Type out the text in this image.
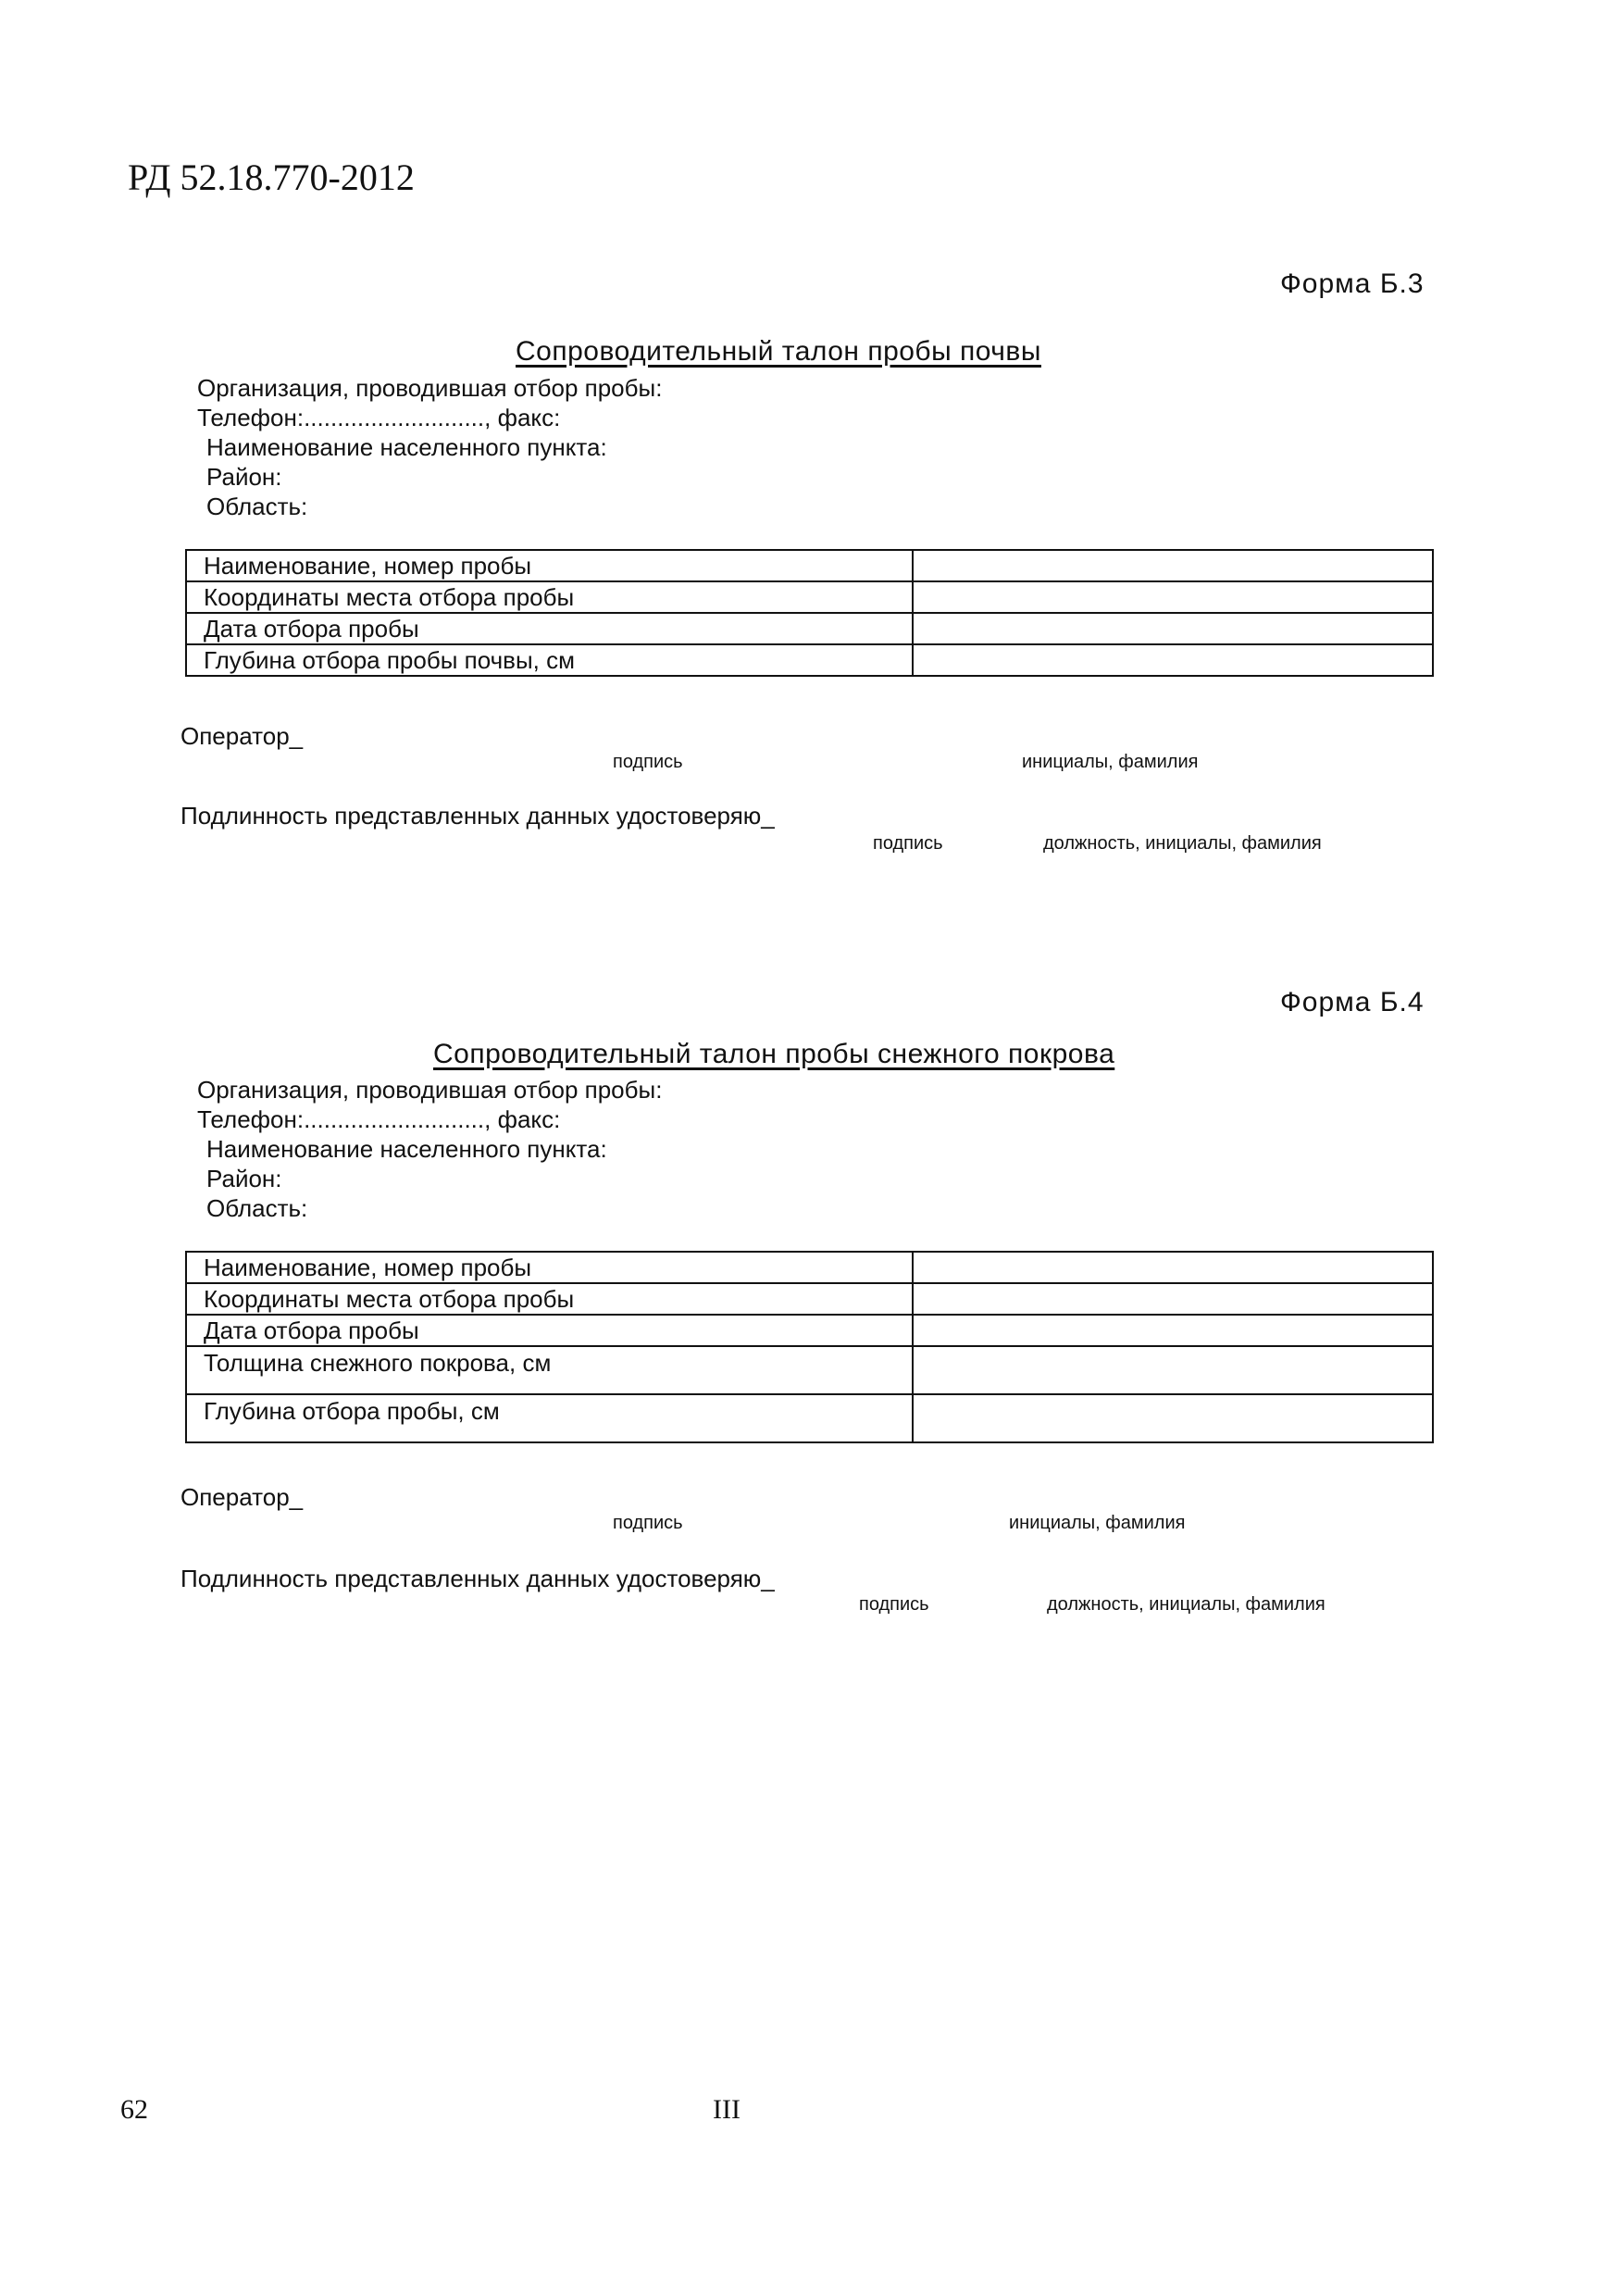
РД 52.18.770-2012
Форма Б.3
Сопроводительный талон пробы почвы
Организация, проводившая отбор пробы:
Телефон:..........................., факс:
Наименование населенного пункта:
Район:
Область:
Наименование, номер пробы	
Координаты места отбора пробы	
Дата отбора пробы	
Глубина отбора пробы почвы, см	
Оператор_
подпись	инициалы, фамилия
Подлинность представленных данных удостоверяю_
подпись	должность, инициалы, фамилия
Форма Б.4
Сопроводительный талон пробы снежного покрова
Организация, проводившая отбор пробы:
Телефон:..........................., факс:
Наименование населенного пункта:
Район:
Область:
Наименование, номер пробы	
Координаты места отбора пробы	
Дата отбора пробы	
Толщина снежного покрова, см	
Глубина отбора пробы, см	
Оператор_
подпись	инициалы, фамилия
Подлинность представленных данных удостоверяю_
подпись	должность, инициалы, фамилия
62	III
